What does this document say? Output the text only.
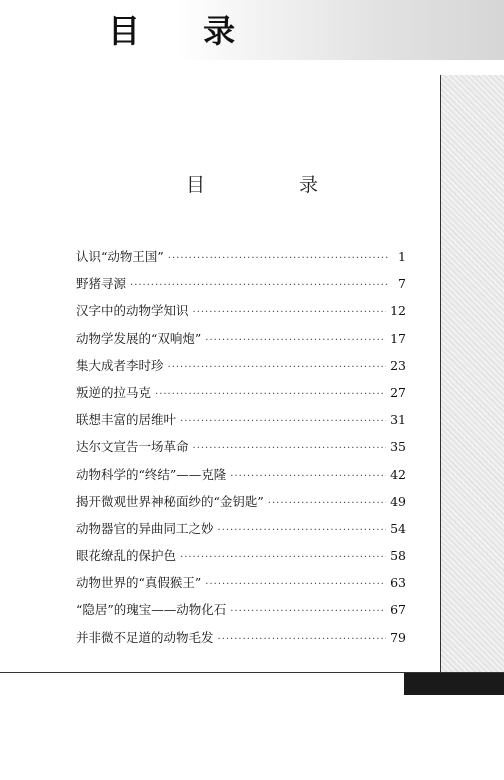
目 录
目 录
认识“动物王国” ·····	1
野猪寻源 ·····	7
汉字中的动物学知识 ·····	12
动物学发展的“双响炮” ·····	17
集大成者李时珍 ·····	23
叛逆的拉马克 ·····	27
联想丰富的居维叶 ·····	31
达尔文宣告一场革命 ·····	35
动物科学的“终结”——克隆 ·····	42
揭开微观世界神秘面纱的“金钥匙” ·····	49
动物器官的异曲同工之妙 ·····	54
眼花缭乱的保护色 ·····	58
动物世界的“真假猴王” ·····	63
“隐居”的瑰宝——动物化石 ·····	67
并非微不足道的动物毛发 ·····	79
